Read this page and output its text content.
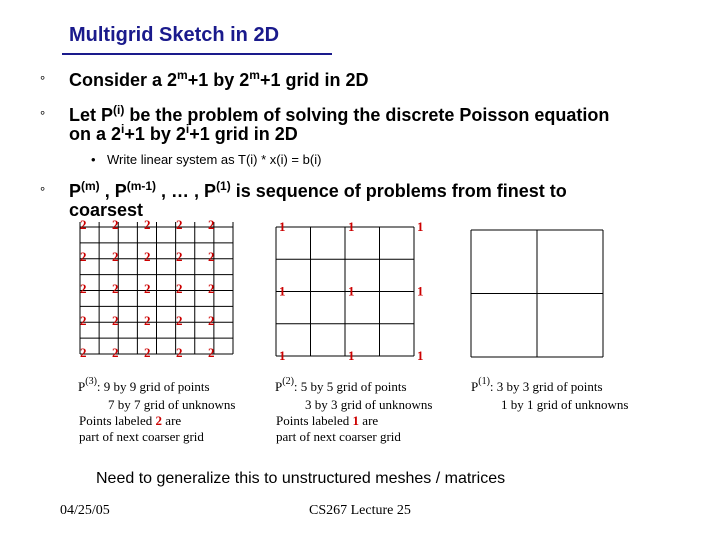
Multigrid Sketch in 2D
° Consider a $2^m+1$ by $2^m+1$ grid in 2D
° Let $P^{(i)}$ be the problem of solving the discrete Poisson equation
on a $2^i+1$ by $2^i+1$ grid in 2D
• Write linear system as T(i) * x(i) = b(i)
° $P^{(m)}$ , $P^{(m-1)}$ , … , $P^{(1)}$ is sequence of problems from finest to
coarsest
2 2 2 2 2
2 2 2 2 2
2 2 2 2 2
2 2 2 2 2
2 2 2 2 2
$P^{(3)}$: 9 by 9 grid of points
7 by 7 grid of unknowns
Points labeled 2 are
part of next coarser grid
1	1	1
1	1	1
1	1	1
$P^{(2)}$: 5 by 5 grid of points
3 by 3 grid of unknowns
Points labeled 1 are
part of next coarser grid
$P^{(1)}$: 3 by 3 grid of points
1 by 1 grid of unknowns
Need to generalize this to unstructured meshes / matrices
04/25/05	CS267 Lecture 25
